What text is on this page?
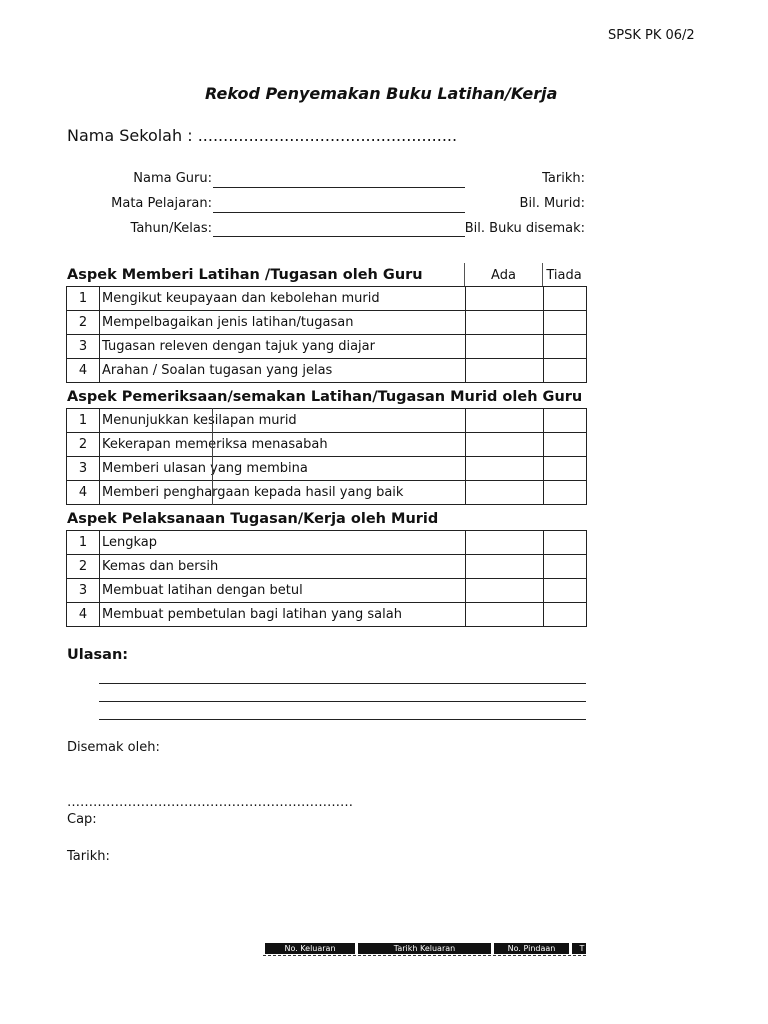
SPSK PK 06/2
Rekod Penyemakan Buku Latihan/Kerja
Nama Sekolah : ...................................................
Nama Guru:
Mata Pelajaran:
Tahun/Kelas:
Tarikh:
Bil. Murid:
Bil. Buku disemak:
Aspek Memberi Latihan /Tugasan oleh Guru	Ada	Tiada
1	Mengikut keupayaan dan kebolehan murid		
2	Mempelbagaikan jenis latihan/tugasan		
3	Tugasan releven dengan tajuk yang diajar		
4	Arahan / Soalan tugasan yang jelas		
Aspek Pemeriksaan/semakan Latihan/Tugasan Murid oleh Guru
1	Menunjukkan kesilapan murid		
2	Kekerapan memeriksa menasabah		
3	Memberi ulasan yang membina		
4	Memberi penghargaan kepada hasil yang baik		
Aspek Pelaksanaan Tugasan/Kerja oleh Murid
1	Lengkap		
2	Kemas dan bersih		
3	Membuat latihan dengan betul		
4	Membuat pembetulan bagi latihan yang salah		
Ulasan:
Disemak oleh:
…………………………………………………………
Cap:
Tarikh:
No. Keluaran	Tarikh Keluaran	No. Pindaan	T
